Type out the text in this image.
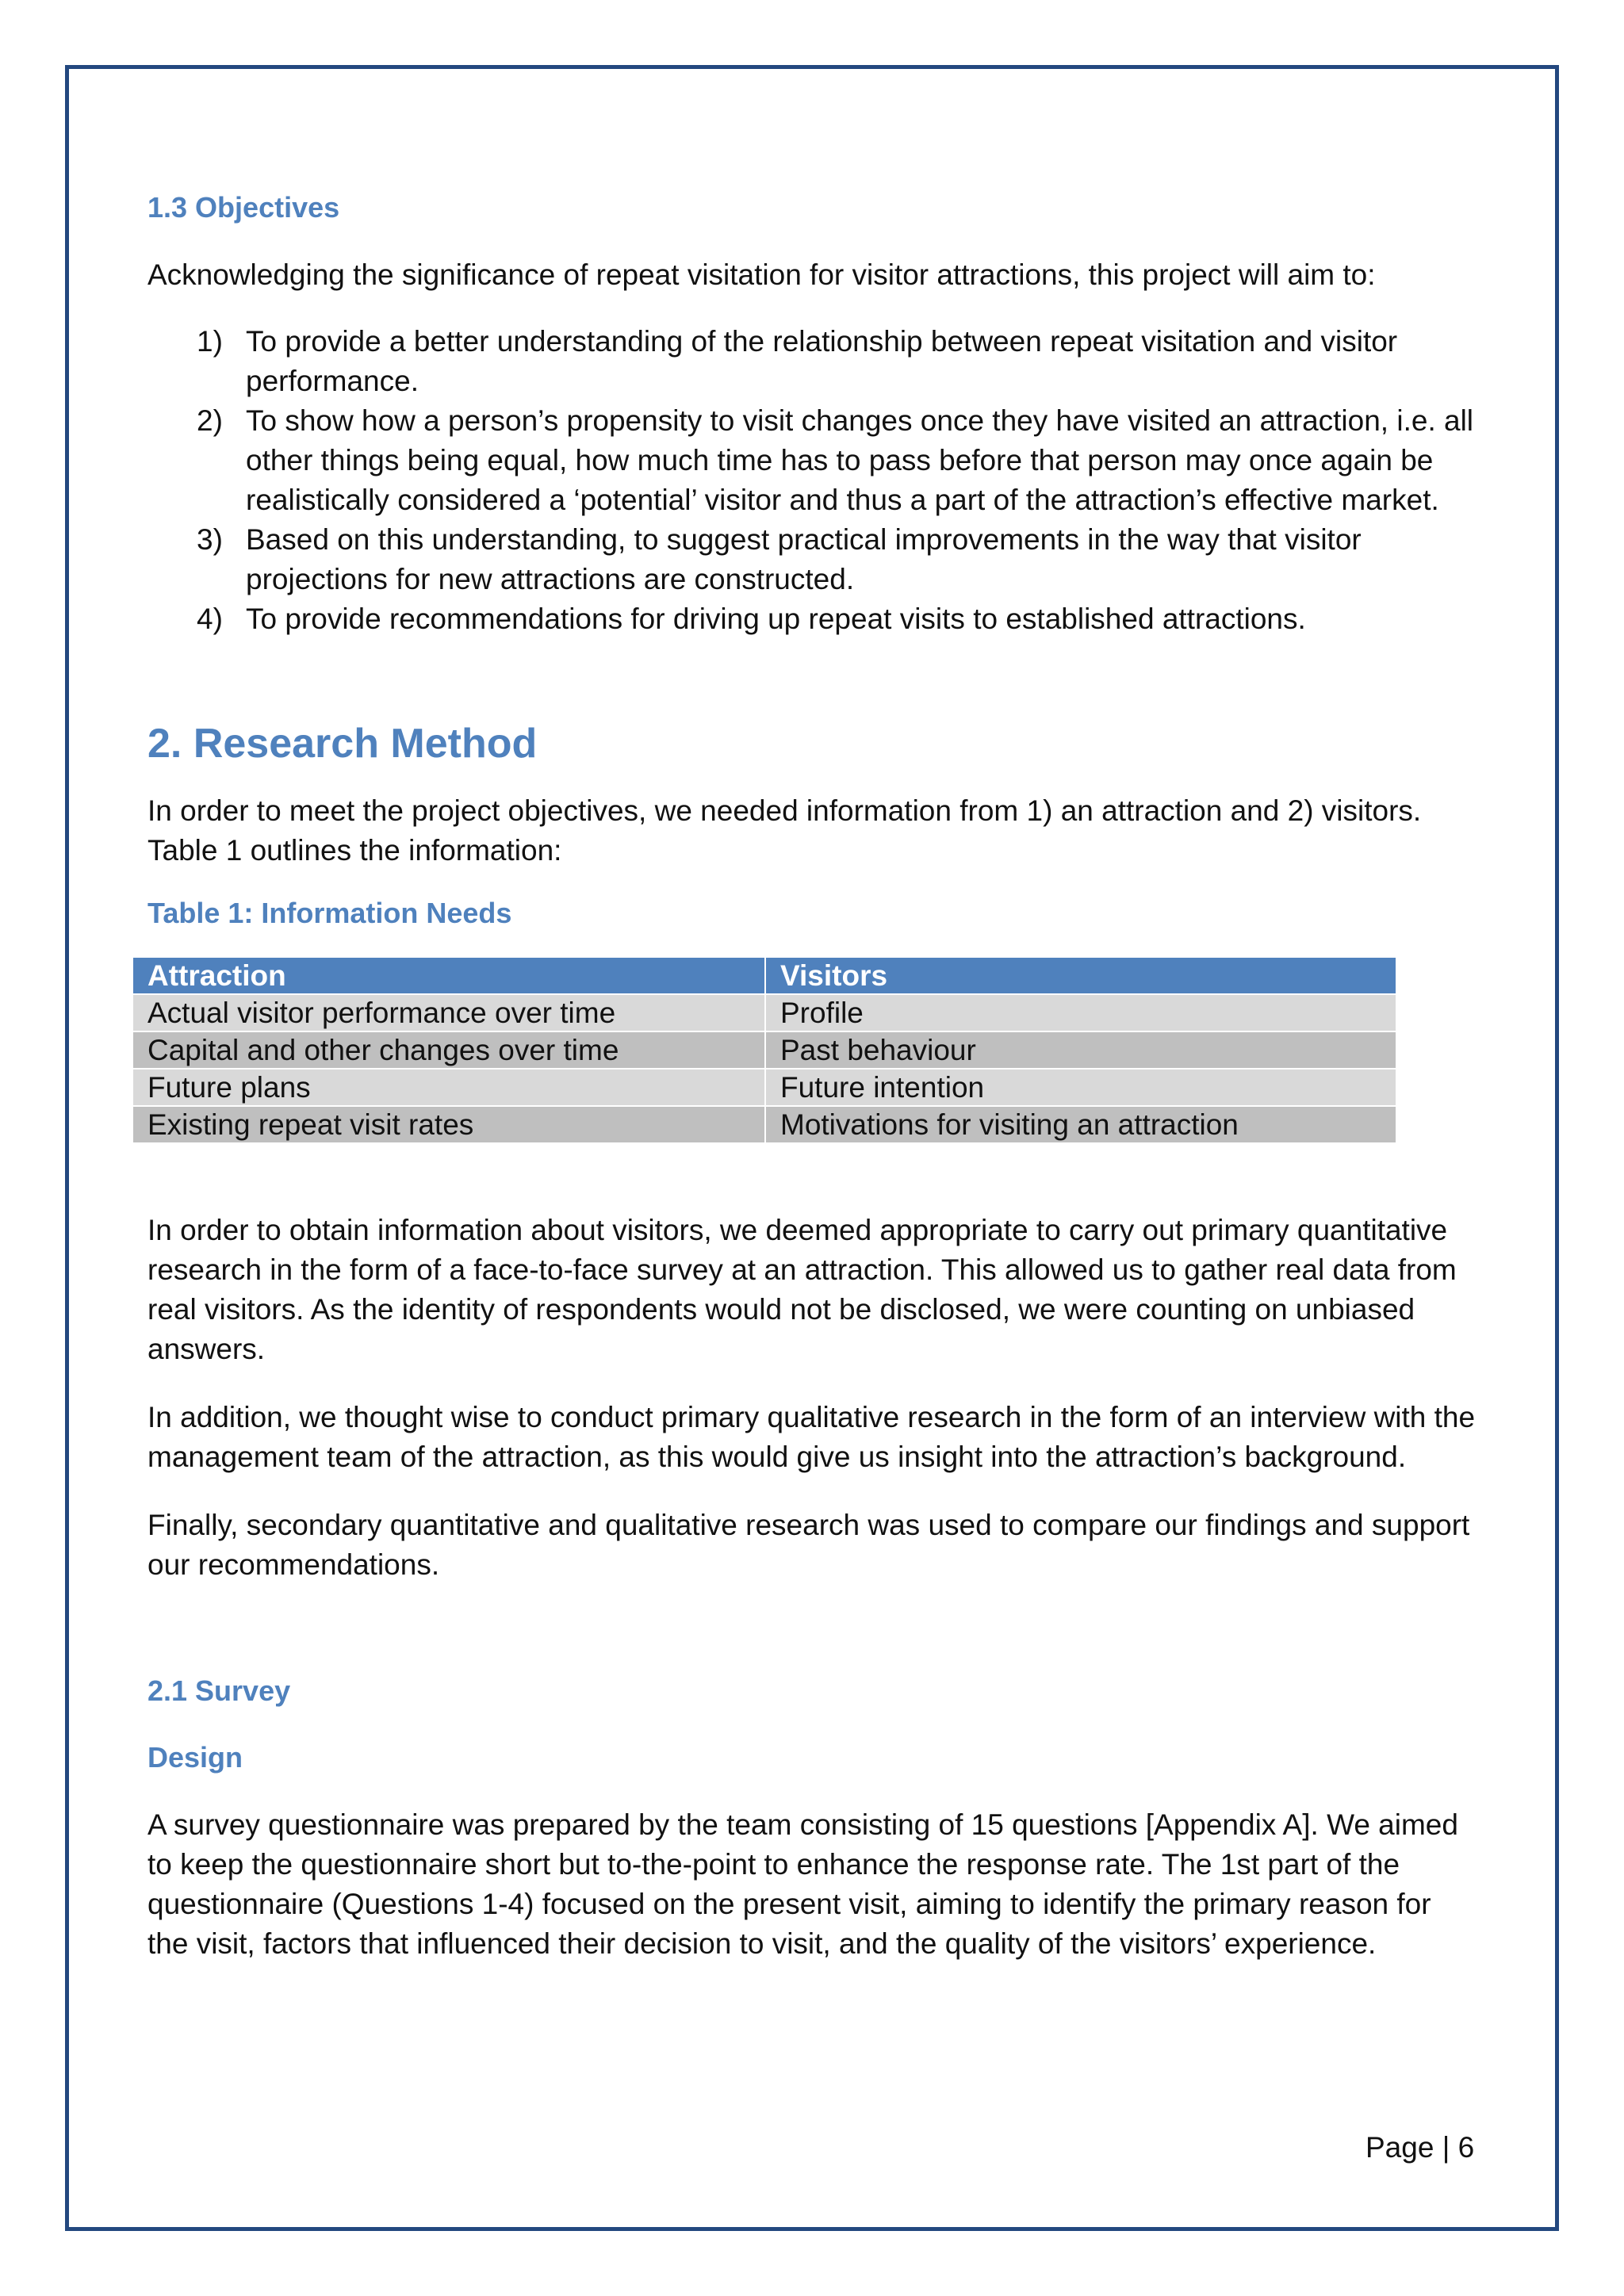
1.3 Objectives

Acknowledging the significance of repeat visitation for visitor attractions, this project will aim to:

1) To provide a better understanding of the relationship between repeat visitation and visitor performance.
2) To show how a person’s propensity to visit changes once they have visited an attraction, i.e. all other things being equal, how much time has to pass before that person may once again be realistically considered a ‘potential’ visitor and thus a part of the attraction’s effective market.
3) Based on this understanding, to suggest practical improvements in the way that visitor projections for new attractions are constructed.
4) To provide recommendations for driving up repeat visits to established attractions.
2. Research Method

In order to meet the project objectives, we needed information from 1) an attraction and 2) visitors. Table 1 outlines the information:

Table 1: Information Needs
Attraction	Visitors
Actual visitor performance over time	Profile
Capital and other changes over time	Past behaviour
Future plans	Future intention
Existing repeat visit rates	Motivations for visiting an attraction

In order to obtain information about visitors, we deemed appropriate to carry out primary quantitative research in the form of a face-to-face survey at an attraction. This allowed us to gather real data from real visitors. As the identity of respondents would not be disclosed, we were counting on unbiased answers.

In addition, we thought wise to conduct primary qualitative research in the form of an interview with the management team of the attraction, as this would give us insight into the attraction’s background.

Finally, secondary quantitative and qualitative research was used to compare our findings and support our recommendations.

2.1 Survey
Design

A survey questionnaire was prepared by the team consisting of 15 questions [Appendix A]. We aimed to keep the questionnaire short but to-the-point to enhance the response rate. The 1st part of the questionnaire (Questions 1-4) focused on the present visit, aiming to identify the primary reason for the visit, factors that influenced their decision to visit, and the quality of the visitors’ experience.

Page | 6
